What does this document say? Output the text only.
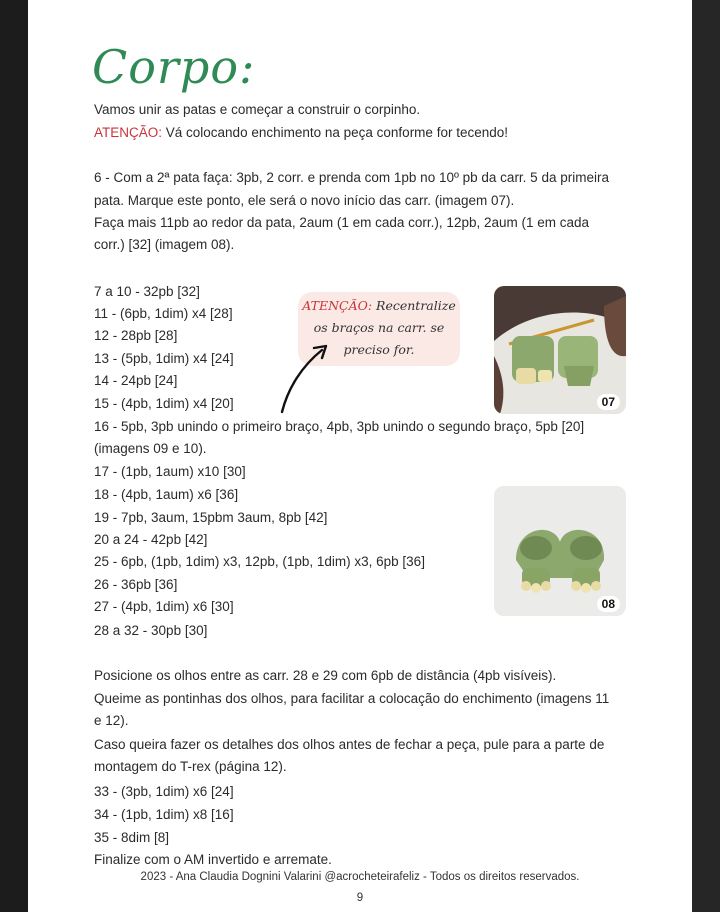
Corpo:
Vamos unir as patas e começar a construir o corpinho.
ATENÇÃO: Vá colocando enchimento na peça conforme for tecendo!
6 - Com a 2ª pata faça: 3pb, 2 corr. e prenda com 1pb no 10º pb da carr. 5 da primeira
pata. Marque este ponto, ele será o novo início das carr. (imagem 07).
Faça mais 11pb ao redor da pata, 2aum (1 em cada corr.), 12pb, 2aum (1 em cada
corr.) [32] (imagem 08).
7 a 10 - 32pb [32]
11 - (6pb, 1dim) x4 [28]
12 - 28pb [28]
13 - (5pb, 1dim) x4 [24]
14 - 24pb [24]
15 - (4pb, 1dim) x4 [20]
16 - 5pb, 3pb unindo o primeiro braço, 4pb, 3pb unindo o segundo braço, 5pb [20]
(imagens 09 e 10).
17 - (1pb, 1aum) x10 [30]
18 - (4pb, 1aum) x6 [36]
19 - 7pb, 3aum, 15pbm 3aum, 8pb [42]
20 a 24 - 42pb [42]
25 - 6pb, (1pb, 1dim) x3, 12pb, (1pb, 1dim) x3, 6pb [36]
26 - 36pb [36]
27 - (4pb, 1dim) x6 [30]
28 a 32 - 30pb [30]
Posicione os olhos entre as carr. 28 e 29 com 6pb de distância (4pb visíveis).
Queime as pontinhas dos olhos, para facilitar a colocação do enchimento (imagens 11
e 12).
Caso queira fazer os detalhes dos olhos antes de fechar a peça, pule para a parte de
montagem do T-rex (página 12).
33 - (3pb, 1dim) x6 [24]
34 - (1pb, 1dim) x8 [16]
35 - 8dim [8]
Finalize com o AM invertido e arremate.
ATENÇÃO: Recentralize
os braços na carr. se
preciso for.
07
08
2023 - Ana Claudia Dognini Valarini @acrocheteirafeliz - Todos os direitos reservados.
9
